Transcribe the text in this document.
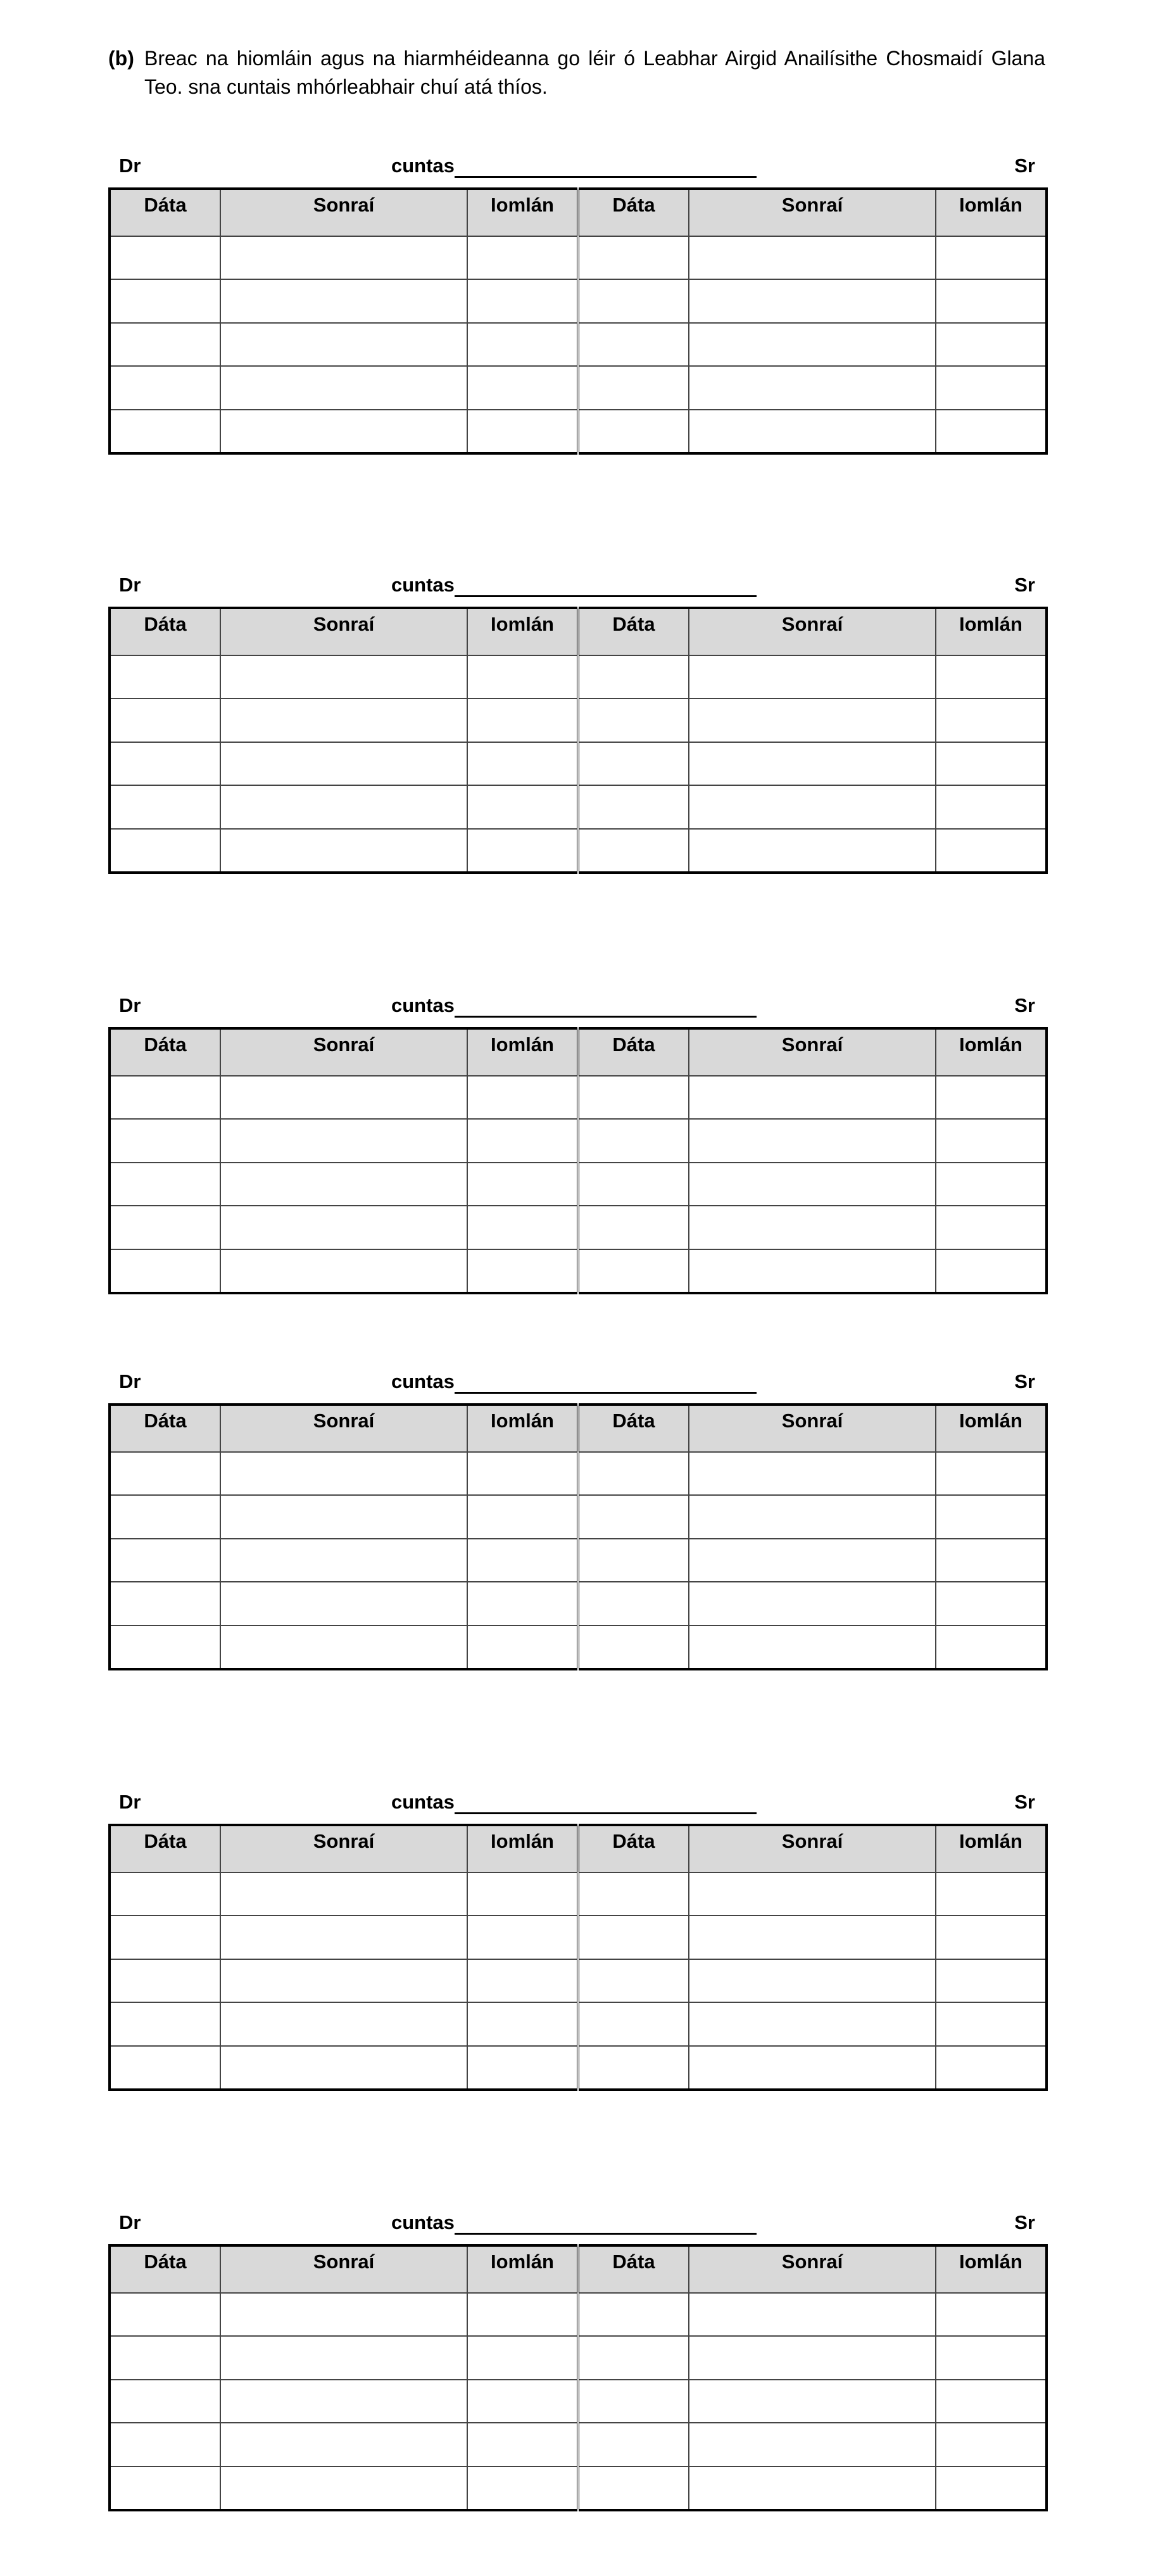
(b) Breac na hiomláin agus na hiarmhéideanna go léir ó Leabhar Airgid Anailísithe Chosmaidí Glana Teo. sna cuntais mhórleabhair chuí atá thíos.
Dr	cuntas	Sr
Dáta	Sonraí	Iomlán	Dáta	Sonraí	Iomlán

Dr	cuntas	Sr
Dáta	Sonraí	Iomlán	Dáta	Sonraí	Iomlán

Dr	cuntas	Sr
Dáta	Sonraí	Iomlán	Dáta	Sonraí	Iomlán

Dr	cuntas	Sr
Dáta	Sonraí	Iomlán	Dáta	Sonraí	Iomlán

Dr	cuntas	Sr
Dáta	Sonraí	Iomlán	Dáta	Sonraí	Iomlán

Dr	cuntas	Sr
Dáta	Sonraí	Iomlán	Dáta	Sonraí	Iomlán
